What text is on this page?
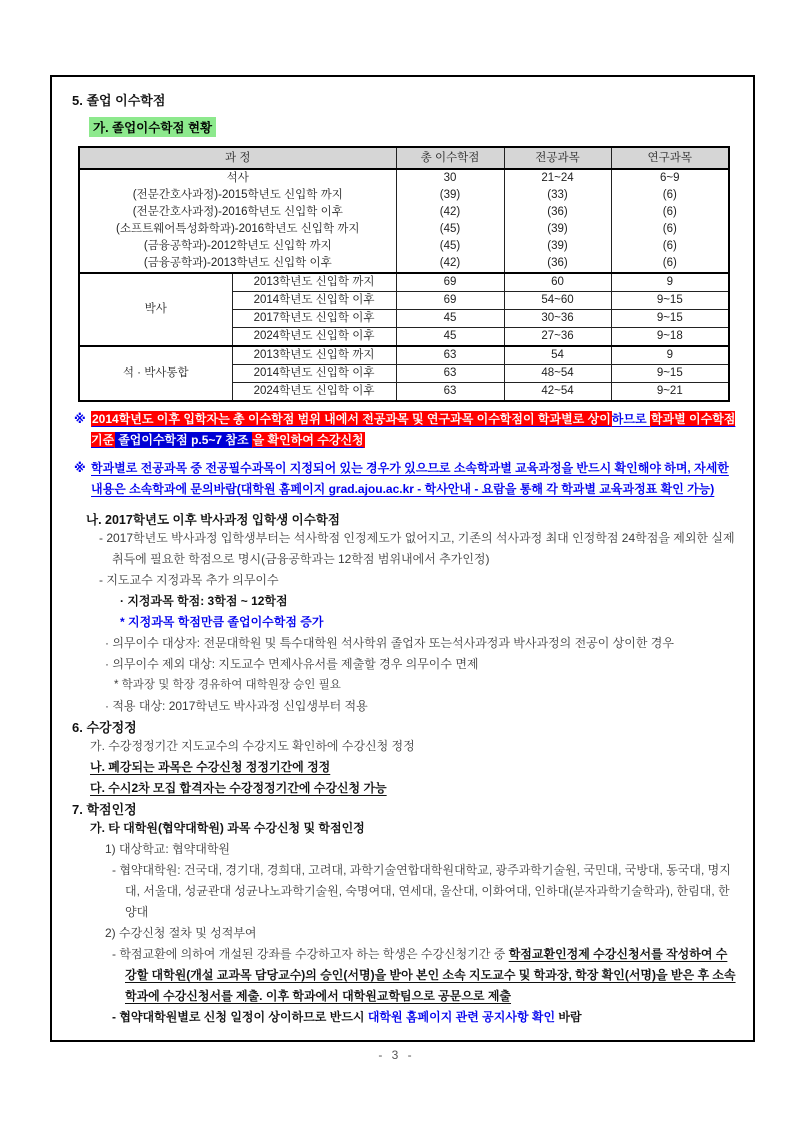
5. 졸업 이수학점
가. 졸업이수학점 현황
과 정		총 이수학점	전공과목	연구과목
석사		30	21~24	6~9
(전문간호사과정)-2015학년도 신입학 까지		(39)	(33)	(6)
(전문간호사과정)-2016학년도 신입학 이후		(42)	(36)	(6)
(소프트웨어특성화학과)-2016학년도 신입학 까지		(45)	(39)	(6)
(금융공학과)-2012학년도 신입학 까지		(45)	(39)	(6)
(금융공학과)-2013학년도 신입학 이후		(42)	(36)	(6)
박사	2013학년도 신입학 까지	69	60	9
	2014학년도 신입학 이후	69	54~60	9~15
	2017학년도 신입학 이후	45	30~36	9~15
	2024학년도 신입학 이후	45	27~36	9~18
석 · 박사통합	2013학년도 신입학 까지	63	54	9
	2014학년도 신입학 이후	63	48~54	9~15
	2024학년도 신입학 이후	63	42~54	9~21
※ 2014학년도 이후 입학자는 총 이수학점 범위 내에서 전공과목 및 연구과목 이수학점이 학과별로 상이하므로 학과별 이수학점기준 졸업이수학점 p.5~7 참조 을 확인하여 수강신청
※ 학과별로 전공과목 중 전공필수과목이 지정되어 있는 경우가 있으므로 소속학과별 교육과정을 반드시 확인해야 하며, 자세한 내용은 소속학과에 문의바람(대학원 홈페이지 grad.ajou.ac.kr - 학사안내 - 요람을 통해 각 학과별 교육과정표 확인 가능)
나. 2017학년도 이후 박사과정 입학생 이수학점
- 2017학년도 박사과정 입학생부터는 석사학점 인정제도가 없어지고, 기존의 석사과정 최대 인정학점 24학점을 제외한 실제 취득에 필요한 학점으로 명시(금융공학과는 12학점 범위내에서 추가인정)
- 지도교수 지정과목 추가 의무이수
· 지정과목 학점: 3학점 ~ 12학점
* 지정과목 학점만큼 졸업이수학점 증가
· 의무이수 대상자: 전문대학원 및 특수대학원 석사학위 졸업자 또는석사과정과 박사과정의 전공이 상이한 경우
· 의무이수 제외 대상: 지도교수 면제사유서를 제출할 경우 의무이수 면제
* 학과장 및 학장 경유하여 대학원장 승인 필요
· 적용 대상: 2017학년도 박사과정 신입생부터 적용
6. 수강정정
가. 수강정정기간 지도교수의 수강지도 확인하에 수강신청 정정
나. 폐강되는 과목은 수강신청 정정기간에 정정
다. 수시2차 모집 합격자는 수강정정기간에 수강신청 가능
7. 학점인정
가. 타 대학원(협약대학원) 과목 수강신청 및 학점인정
1) 대상학교: 협약대학원
- 협약대학원: 건국대, 경기대, 경희대, 고려대, 과학기술연합대학원대학교, 광주과학기술원, 국민대, 국방대, 동국대, 명지대, 서울대, 성균관대 성균나노과학기술원, 숙명여대, 연세대, 울산대, 이화여대, 인하대(분자과학기술학과), 한림대, 한양대
2) 수강신청 절차 및 성적부여
- 학점교환에 의하여 개설된 강좌를 수강하고자 하는 학생은 수강신청기간 중 학점교환인정제 수강신청서를 작성하여 수강할 대학원(개설 교과목 담당교수)의 승인(서명)을 받아 본인 소속 지도교수 및 학과장, 학장 확인(서명)을 받은 후 소속 학과에 수강신청서를 제출. 이후 학과에서 대학원교학팀으로 공문으로 제출
- 협약대학원별로 신청 일정이 상이하므로 반드시 대학원 홈페이지 관련 공지사항 확인 바람
- 3 -
